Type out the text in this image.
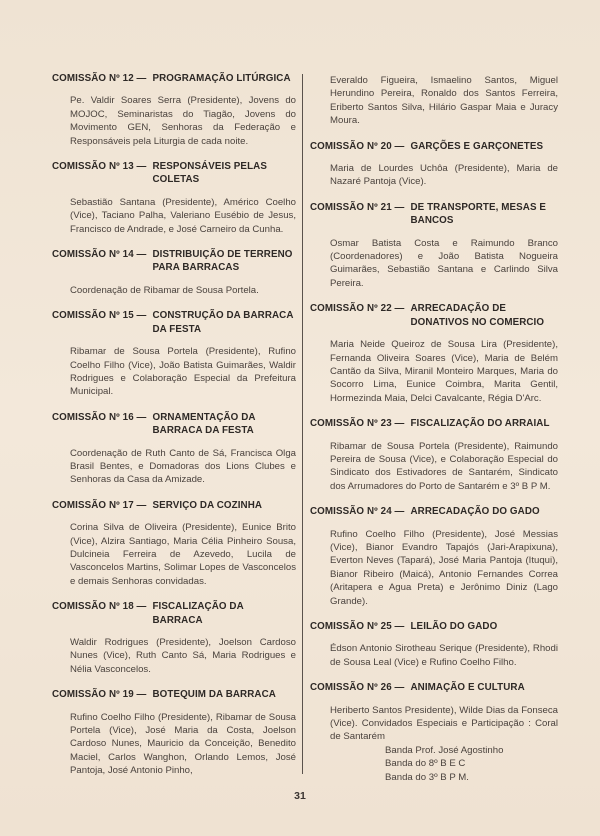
COMISSÃO Nº 12 — PROGRAMAÇÃO LITÚRGICA
Pe. Valdir Soares Serra (Presidente), Jovens do MOJOC, Seminaristas do Tiagão, Jovens do Movimento GEN, Senhoras da Federação e Responsáveis pela Liturgia de cada noite.
COMISSÃO Nº 13 — RESPONSÁVEIS PELAS COLETAS
Sebastião Santana (Presidente), Américo Coelho (Vice), Taciano Palha, Valeriano Eusébio de Jesus, Francisco de Andrade, e José Carneiro da Cunha.
COMISSÃO Nº 14 — DISTRIBUIÇÃO DE TERRENO PARA BARRACAS
Coordenação de Ribamar de Sousa Portela.
COMISSÃO Nº 15 — CONSTRUÇÃO DA BARRACA DA FESTA
Ribamar de Sousa Portela (Presidente), Rufino Coelho Filho (Vice), João Batista Guimarães, Waldir Rodrigues e Colaboração Especial da Prefeitura Municipal.
COMISSÃO Nº 16 — ORNAMENTAÇÃO DA BARRACA DA FESTA
Coordenação de Ruth Canto de Sá, Francisca Olga Brasil Bentes, e Domadoras dos Lions Clubes e Senhoras da Casa da Amizade.
COMISSÃO Nº 17 — SERVIÇO DA COZINHA
Corina Silva de Oliveira (Presidente), Eunice Brito (Vice), Alzira Santiago, Maria Célia Pinheiro Sousa, Dulcineia Ferreira de Azevedo, Lucila de Vasconcelos Martins, Solimar Lopes de Vasconcelos e demais Senhoras convidadas.
COMISSÃO Nº 18 — FISCALIZAÇÃO DA BARRACA
Waldir Rodrigues (Presidente), Joelson Cardoso Nunes (Vice), Ruth Canto Sá, Maria Rodrigues e Nélia Vasconcelos.
COMISSÃO Nº 19 — BOTEQUIM DA BARRACA
Rufino Coelho Filho (Presidente), Ribamar de Sousa Portela (Vice), José Maria da Costa, Joelson Cardoso Nunes, Mauricio da Conceição, Benedito Maciel, Carlos Wanghon, Orlando Lemos, José Pantoja, José Antonio Pinho,
Everaldo Figueira, Ismaelino Santos, Miguel Herundino Pereira, Ronaldo dos Santos Ferreira, Eriberto Santos Silva, Hilário Gaspar Maia e Juracy Moura.
COMISSÃO Nº 20 — GARÇÕES E GARÇONETES
Maria de Lourdes Uchôa (Presidente), Maria de Nazaré Pantoja (Vice).
COMISSÃO Nº 21 — DE TRANSPORTE, MESAS E BANCOS
Osmar Batista Costa e Raimundo Branco (Coordenadores) e João Batista Nogueira Guimarães, Sebastião Santana e Carlindo Silva Pereira.
COMISSÃO Nº 22 — ARRECADAÇÃO DE DONATIVOS NO COMERCIO
Maria Neide Queiroz de Sousa Lira (Presidente), Fernanda Oliveira Soares (Vice), Maria de Belém Cantão da Silva, Miranil Monteiro Marques, Maria do Socorro Lima, Eunice Coimbra, Marita Gentil, Hormezinda Maia, Delci Cavalcante, Régia D'Arc.
COMISSÃO Nº 23 — FISCALIZAÇÃO DO ARRAIAL
Ribamar de Sousa Portela (Presidente), Raimundo Pereira de Sousa (Vice), e Colaboração Especial do Sindicato dos Estivadores de Santarém, Sindicato dos Arrumadores do Porto de Santarém e 3º B P M.
COMISSÃO Nº 24 — ARRECADAÇÃO DO GADO
Rufino Coelho Filho (Presidente), José Messias (Vice), Bianor Evandro Tapajós (Jari-Arapixuna), Everton Neves (Tapará), José Maria Pantoja (Ituqui), Bianor Ribeiro (Maicá), Antonio Fernandes Correa (Aritapera e Agua Preta) e Jerônimo Diniz (Lago Grande).
COMISSÃO Nº 25 — LEILÃO DO GADO
Édson Antonio Sirotheau Serique (Presidente), Rhodi de Sousa Leal (Vice) e Rufino Coelho Filho.
COMISSÃO Nº 26 — ANIMAÇÃO E CULTURA
Heriberto Santos Presidente), Wilde Dias da Fonseca (Vice). Convidados Especiais e Participação : Coral de Santarém
Banda Prof. José Agostinho
Banda do 8º B E C
Banda do 3º B P M.
31
